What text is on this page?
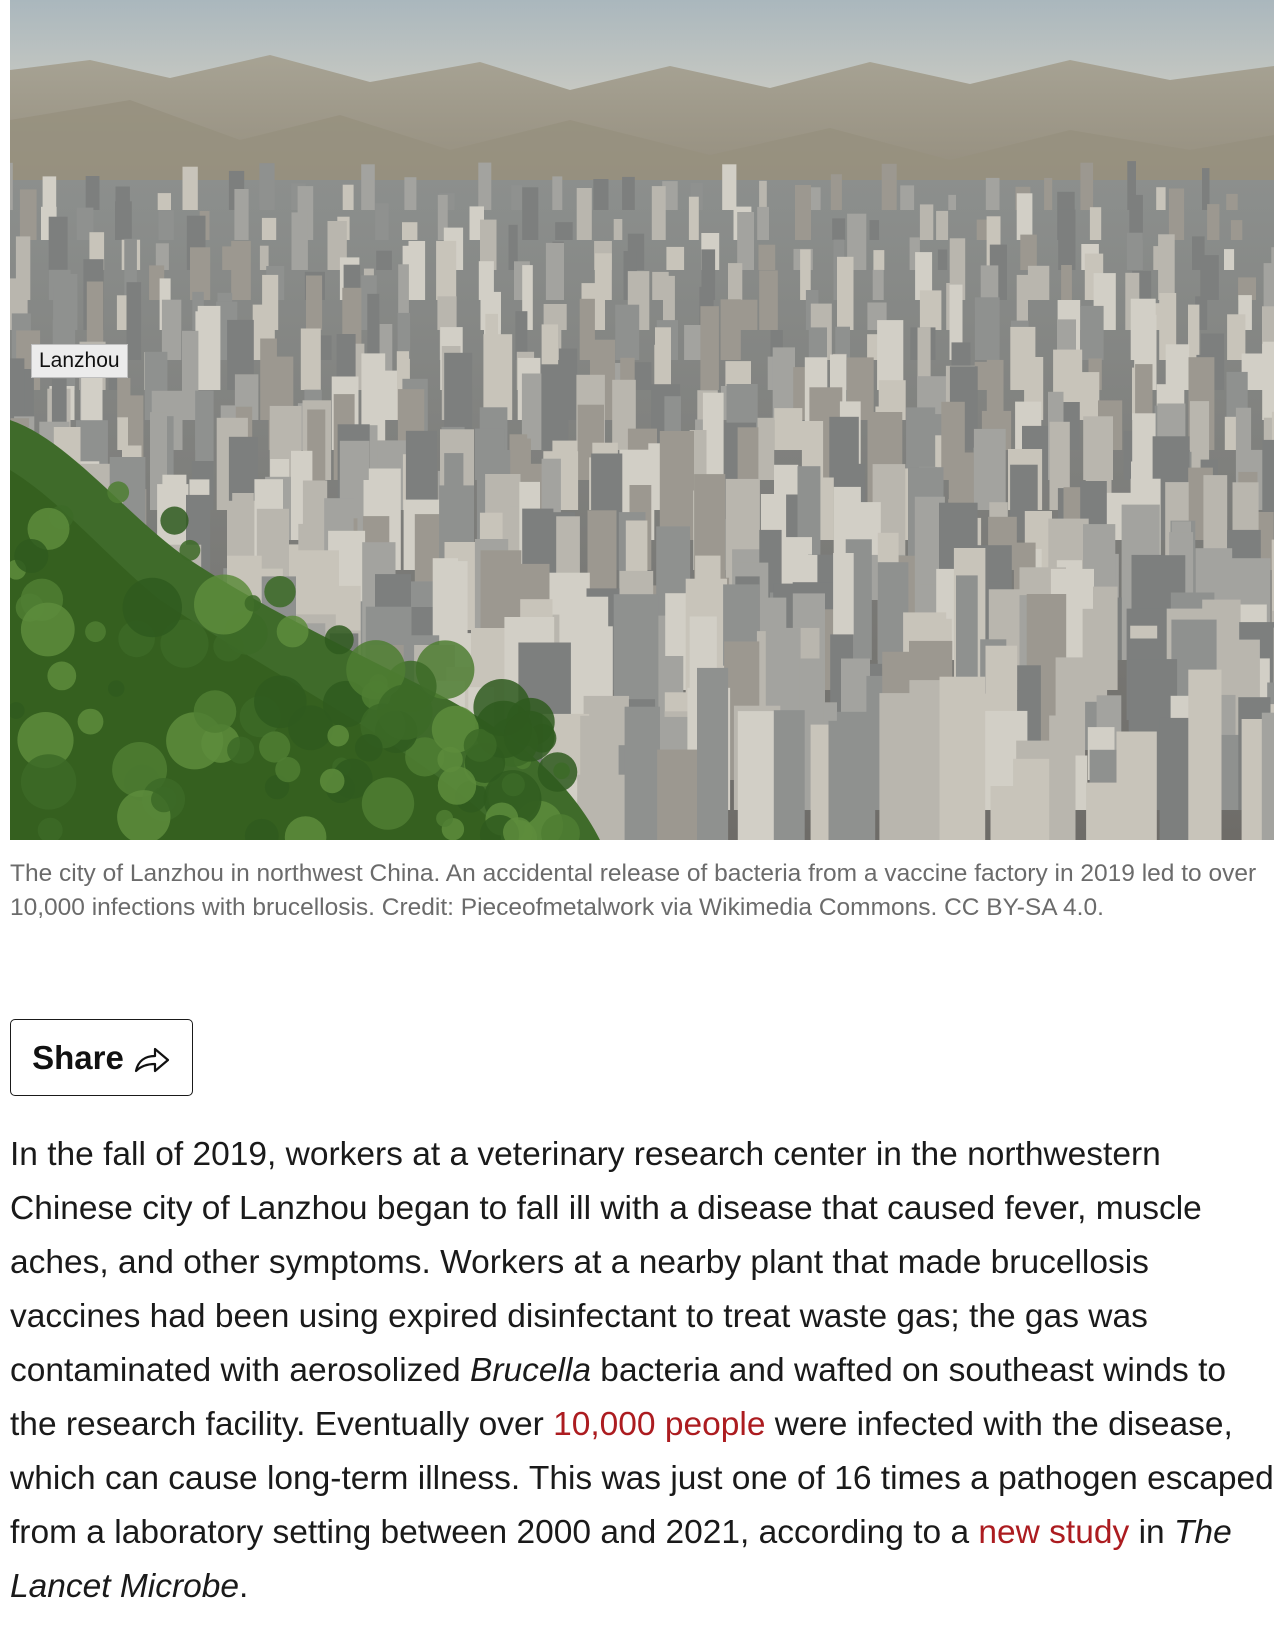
Lanzhou
The city of Lanzhou in northwest China. An accidental release of bacteria from a vaccine factory in 2019 led to over 10,000 infections with brucellosis. Credit: Pieceofmetalwork via Wikimedia Commons. CC BY-SA 4.0.
Share

In the fall of 2019, workers at a veterinary research center in the northwestern Chinese city of Lanzhou began to fall ill with a disease that caused fever, muscle aches, and other symptoms. Workers at a nearby plant that made brucellosis vaccines had been using expired disinfectant to treat waste gas; the gas was contaminated with aerosolized Brucella bacteria and wafted on southeast winds to the research facility. Eventually over 10,000 people were infected with the disease, which can cause long-term illness. This was just one of 16 times a pathogen escaped from a laboratory setting between 2000 and 2021, according to a new study in The Lancet Microbe.
